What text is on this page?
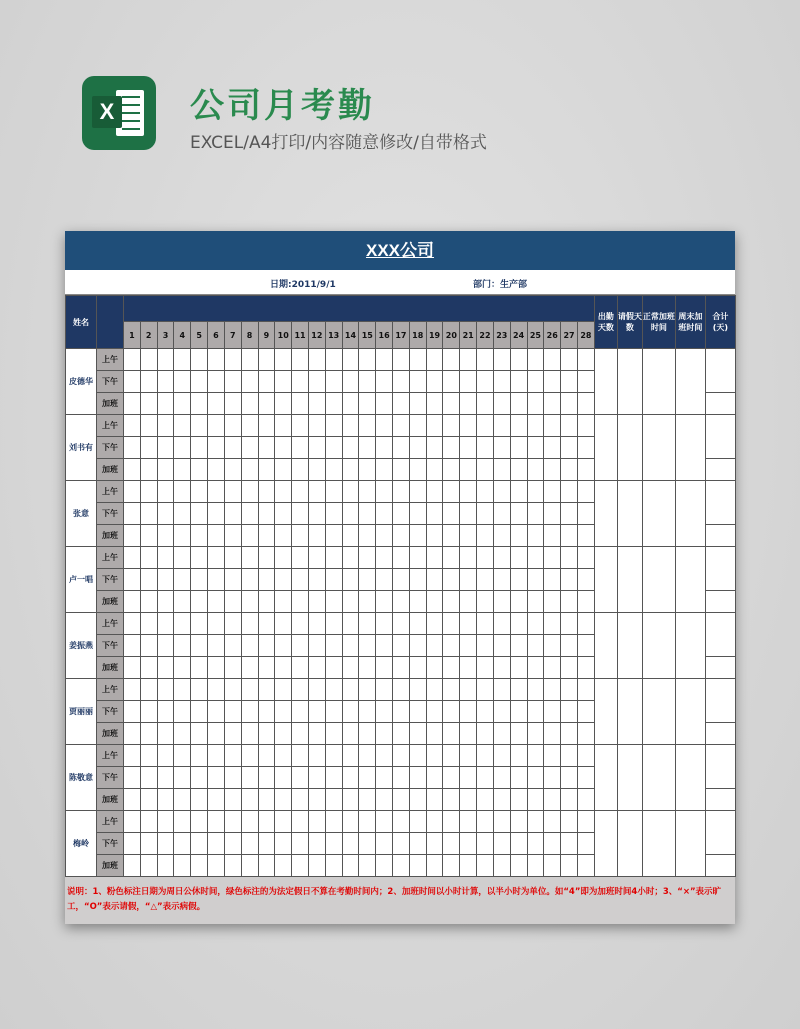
X 公司月考勤
EXCEL/A4打印/内容随意修改/自带格式
XXX公司
日期:2011/9/1	部门：生产部
姓名																														出勤天数	请假天数	正常加班时间	周末加班时间	合计(天)
		1	2	3	4	5	6	7	8	9	10	11	12	13	14	15	16	17	18	19	20	21	22	23	24	25	26	27	28					
皮德华	上午																																	
	下午																																	
	加班																																	
刘书有	上午																																	
	下午																																	
	加班																																	
张意	上午																																	
	下午																																	
	加班																																	
卢一唱	上午																																	
	下午																																	
	加班																																	
姜振燕	上午																																	
	下午																																	
	加班																																	
贾丽丽	上午																																	
	下午																																	
	加班																																	
陈敬意	上午																																	
	下午																																	
	加班																																	
梅岭	上午																																	
	下午																																	
	加班																																	
说明：1、粉色标注日期为周日公休时间，绿色标注的为法定假日不算在考勤时间内；2、加班时间以小时计算，以半小时为单位。如“4”即为加班时间4小时；3、“×”表示旷工，“O”表示请假，“△”表示病假。
